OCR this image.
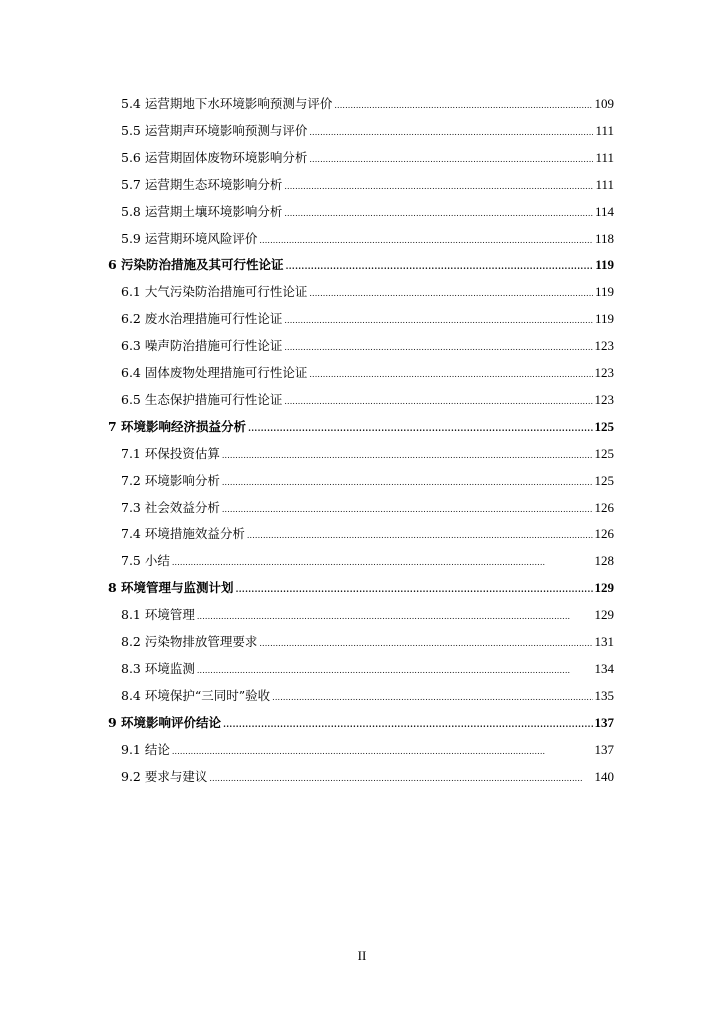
5.4 运营期地下水环境影响预测与评价 . . .	109
5.5 运营期声环境影响预测与评价 . . .	111
5.6 运营期固体废物环境影响分析 . . .	111
5.7 运营期生态环境影响分析 . . .	111
5.8 运营期土壤环境影响分析 . . .	114
5.9 运营期环境风险评价 . . .	118
6 污染防治措施及其可行性论证 . . .	119
6.1 大气污染防治措施可行性论证 . . .	119
6.2 废水治理措施可行性论证 . . .	119
6.3 噪声防治措施可行性论证 . . .	123
6.4 固体废物处理措施可行性论证 . . .	123
6.5 生态保护措施可行性论证 . . .	123
7 环境影响经济损益分析 . . .	125
7.1 环保投资估算 . . .	125
7.2 环境影响分析 . . .	125
7.3 社会效益分析 . . .	126
7.4 环境措施效益分析 . . .	126
7.5 小结 . . .	128
8 环境管理与监测计划 . . .	129
8.1 环境管理 . . .	129
8.2 污染物排放管理要求 . . .	131
8.3 环境监测 . . .	134
8.4 环境保护“三同时”验收 . . .	135
9 环境影响评价结论 . . .	137
9.1 结论 . . .	137
9.2 要求与建议 . . .	140
II
